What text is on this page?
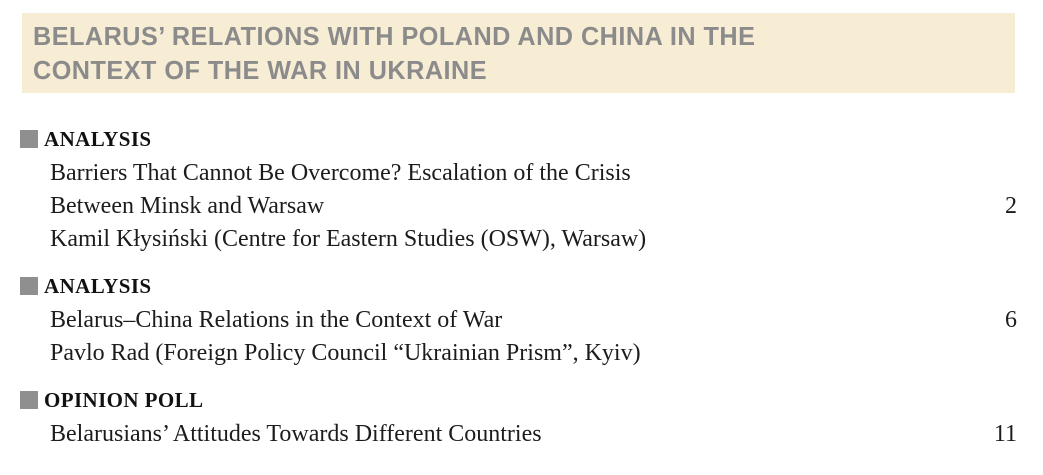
BELARUS’ RELATIONS WITH POLAND AND CHINA IN THE
CONTEXT OF THE WAR IN UKRAINE
ANALYSIS
Barriers That Cannot Be Overcome? Escalation of the Crisis
Between Minsk and Warsaw	2
Kamil Kłysiński (Centre for Eastern Studies (OSW), Warsaw)
ANALYSIS
Belarus–China Relations in the Context of War	6
Pavlo Rad (Foreign Policy Council “Ukrainian Prism”, Kyiv)
OPINION POLL
Belarusians’ Attitudes Towards Different Countries	11
